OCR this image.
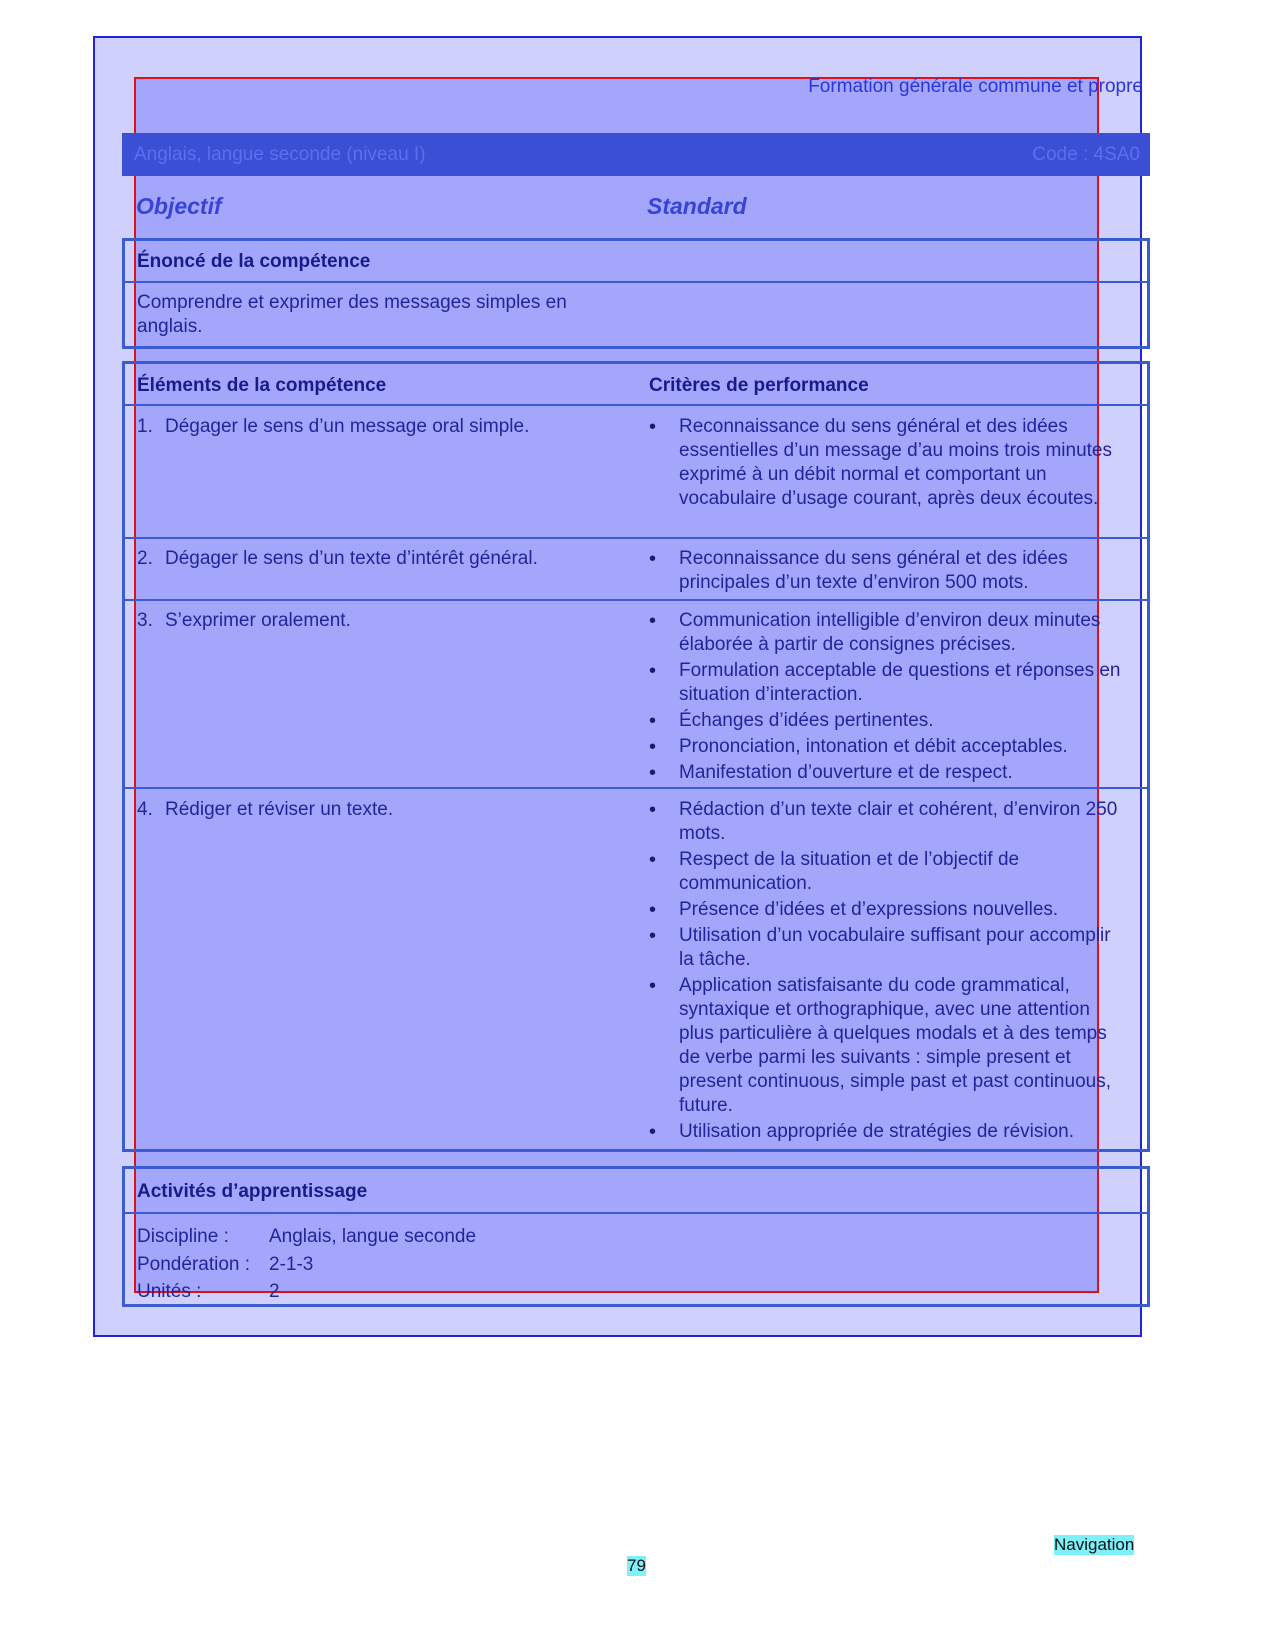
Formation générale commune et propre
Anglais, langue seconde (niveau I)	Code : 4SA0
Objectif	Standard
Énoncé de la compétence
Comprendre et exprimer des messages simples en anglais.
Éléments de la compétence	Critères de performance
1. Dégager le sens d’un message oral simple.	• Reconnaissance du sens général et des idées essentielles d’un message d’au moins trois minutes exprimé à un débit normal et comportant un vocabulaire d’usage courant, après deux écoutes.
2. Dégager le sens d’un texte d’intérêt général.	• Reconnaissance du sens général et des idées principales d’un texte d’environ 500 mots.
3. S’exprimer oralement.	• Communication intelligible d’environ deux minutes élaborée à partir de consignes précises.
• Formulation acceptable de questions et réponses en situation d’interaction.
• Échanges d’idées pertinentes.
• Prononciation, intonation et débit acceptables.
• Manifestation d’ouverture et de respect.
4. Rédiger et réviser un texte.	• Rédaction d’un texte clair et cohérent, d’environ 250 mots.
• Respect de la situation et de l’objectif de communication.
• Présence d’idées et d’expressions nouvelles.
• Utilisation d’un vocabulaire suffisant pour accomplir la tâche.
• Application satisfaisante du code grammatical, syntaxique et orthographique, avec une attention plus particulière à quelques modals et à des temps de verbe parmi les suivants : simple present et present continuous, simple past et past continuous, future.
• Utilisation appropriée de stratégies de révision.
Activités d’apprentissage
Discipline : Anglais, langue seconde
Pondération : 2-1-3
Unités :	2
Navigation
79
